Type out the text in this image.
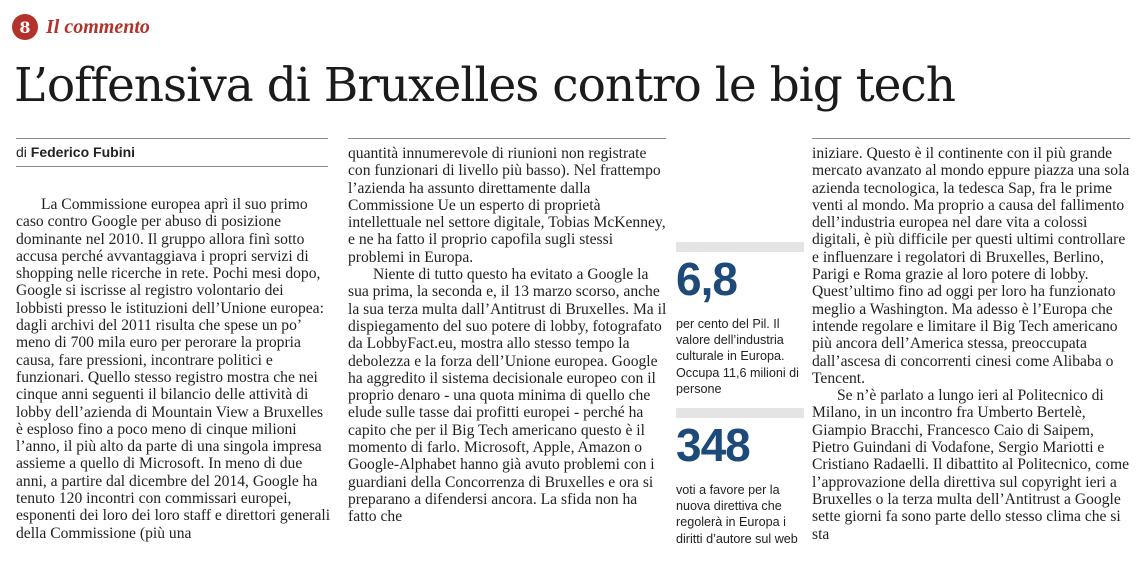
8 Il commento
L’offensiva di Bruxelles contro le big tech
di Federico Fubini

La Commissione europea aprì il suo primo caso contro Google per abuso di posizione dominante nel 2010. Il gruppo allora finì sotto accusa perché avvantaggiava i propri servizi di shopping nelle ricerche in rete. Pochi mesi dopo, Google si iscrisse al registro volontario dei lobbisti presso le istituzioni dell’Unione europea: dagli archivi del 2011 risulta che spese un po’ meno di 700 mila euro per perorare la propria causa, fare pressioni, incontrare politici e funzionari. Quello stesso registro mostra che nei cinque anni seguenti il bilancio delle attività di lobby dell’azienda di Mountain View a Bruxelles è esploso fino a poco meno di cinque milioni l’anno, il più alto da parte di una singola impresa assieme a quello di Microsoft. In meno di due anni, a partire dal dicembre del 2014, Google ha tenuto 120 incontri con commissari europei, esponenti dei loro dei loro staff e direttori generali della Commissione (più una

quantità innumerevole di riunioni non registrate con funzionari di livello più basso). Nel frattempo l’azienda ha assunto direttamente dalla Commissione Ue un esperto di proprietà intellettuale nel settore digitale, Tobias McKenney, e ne ha fatto il proprio capofila sugli stessi problemi in Europa.

Niente di tutto questo ha evitato a Google la sua prima, la seconda e, il 13 marzo scorso, anche la sua terza multa dall’Antitrust di Bruxelles. Ma il dispiegamento del suo potere di lobby, fotografato da LobbyFact.eu, mostra allo stesso tempo la debolezza e la forza dell’Unione europea. Google ha aggredito il sistema decisionale europeo con il proprio denaro - una quota minima di quello che elude sulle tasse dai profitti europei - perché ha capito che per il Big Tech americano questo è il momento di farlo. Microsoft, Apple, Amazon o Google-Alphabet hanno già avuto problemi con i guardiani della Concorrenza di Bruxelles e ora si preparano a difendersi ancora. La sfida non ha fatto che

6,8
per cento del Pil. Il valore dell’industria culturale in Europa. Occupa 11,6 milioni di persone
348
voti a favore per la nuova direttiva che regolerà in Europa i diritti d’autore sul web

iniziare. Questo è il continente con il più grande mercato avanzato al mondo eppure piazza una sola azienda tecnologica, la tedesca Sap, fra le prime venti al mondo. Ma proprio a causa del fallimento dell’industria europea nel dare vita a colossi digitali, è più difficile per questi ultimi controllare e influenzare i regolatori di Bruxelles, Berlino, Parigi e Roma grazie al loro potere di lobby. Quest’ultimo fino ad oggi per loro ha funzionato meglio a Washington. Ma adesso è l’Europa che intende regolare e limitare il Big Tech americano più ancora dell’America stessa, preoccupata dall’ascesa di concorrenti cinesi come Alibaba o Tencent.

Se n’è parlato a lungo ieri al Politecnico di Milano, in un incontro fra Umberto Bertelè, Giampio Bracchi, Francesco Caio di Saipem, Pietro Guindani di Vodafone, Sergio Mariotti e Cristiano Radaelli. Il dibattito al Politecnico, come l’approvazione della direttiva sul copyright ieri a Bruxelles o la terza multa dell’Antitrust a Google sette giorni fa sono parte dello stesso clima che si sta
